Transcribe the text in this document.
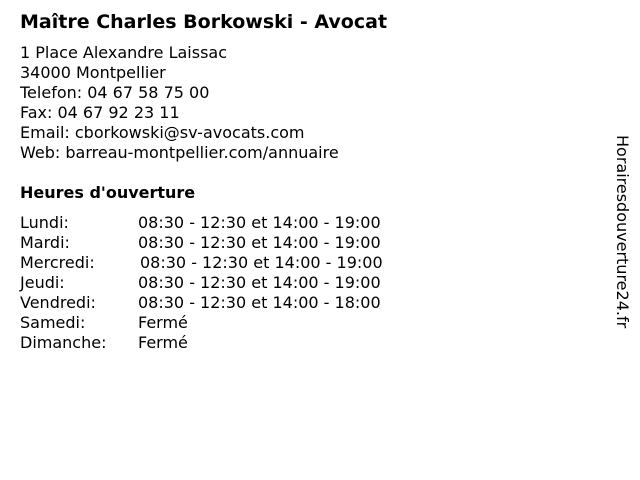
Maître Charles Borkowski - Avocat
1 Place Alexandre Laissac
34000 Montpellier
Telefon: 04 67 58 75 00
Fax: 04 67 92 23 11
Email: cborkowski@sv-avocats.com
Web: barreau-montpellier.com/annuaire
Heures d'ouverture
Lundi:	08:30 - 12:30 et 14:00 - 19:00
Mardi:	08:30 - 12:30 et 14:00 - 19:00
Mercredi:	08:30 - 12:30 et 14:00 - 19:00
Jeudi:	08:30 - 12:30 et 14:00 - 19:00
Vendredi:	08:30 - 12:30 et 14:00 - 18:00
Samedi:	Fermé
Dimanche: Fermé
Horairesdouverture24.fr
